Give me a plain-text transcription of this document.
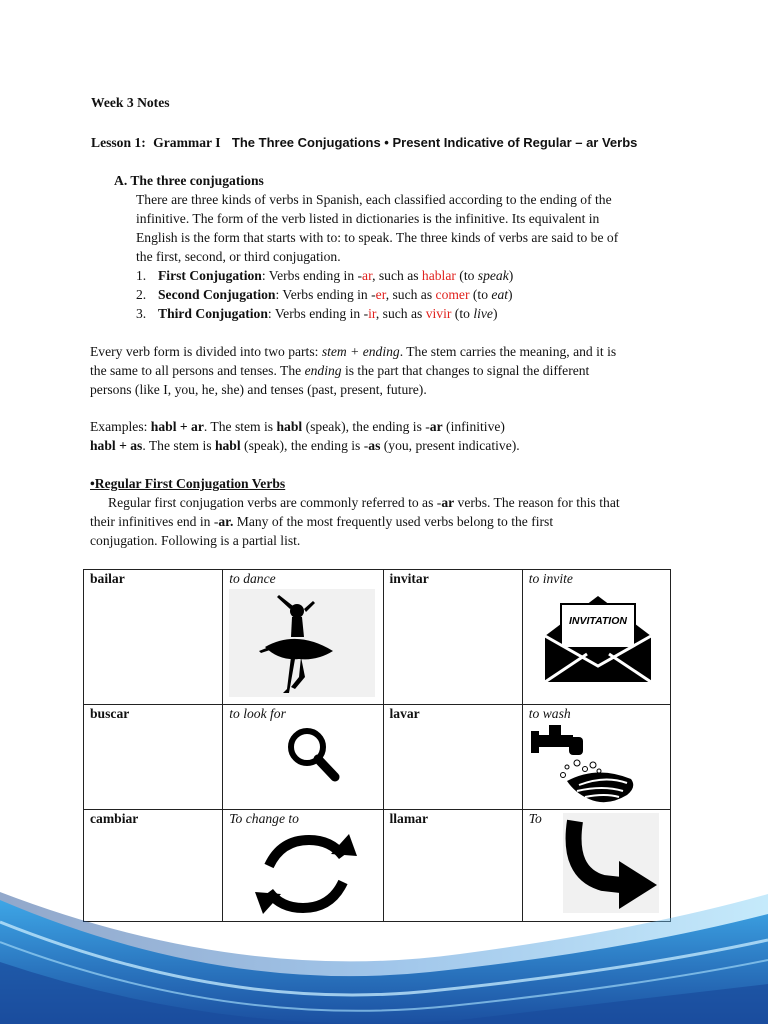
Week 3 Notes
Lesson 1: Grammar I The Three Conjugations • Present Indicative of Regular – ar Verbs
A. The three conjugations
There are three kinds of verbs in Spanish, each classified according to the ending of the
infinitive. The form of the verb listed in dictionaries is the infinitive. Its equivalent in
English is the form that starts with to: to speak. The three kinds of verbs are said to be of
the first, second, or third conjugation.
1. First Conjugation: Verbs ending in -ar, such as hablar (to speak)
2. Second Conjugation: Verbs ending in -er, such as comer (to eat)
3. Third Conjugation: Verbs ending in -ir, such as vivir (to live)
Every verb form is divided into two parts: stem + ending. The stem carries the meaning, and it is
the same to all persons and tenses. The ending is the part that changes to signal the different
persons (like I, you, he, she) and tenses (past, present, future).
Examples: habl + ar. The stem is habl (speak), the ending is -ar (infinitive)
habl + as. The stem is habl (speak), the ending is -as (you, present indicative).
•Regular First Conjugation Verbs
Regular first conjugation verbs are commonly referred to as -ar verbs. The reason for this that
their infinitives end in -ar. Many of the most frequently used verbs belong to the first
conjugation. Following is a partial list.
bailar	to dance	invitar	to invite
INVITATION

buscar	to look for	lavar	to wash

cambiar	To change to	llamar	To
